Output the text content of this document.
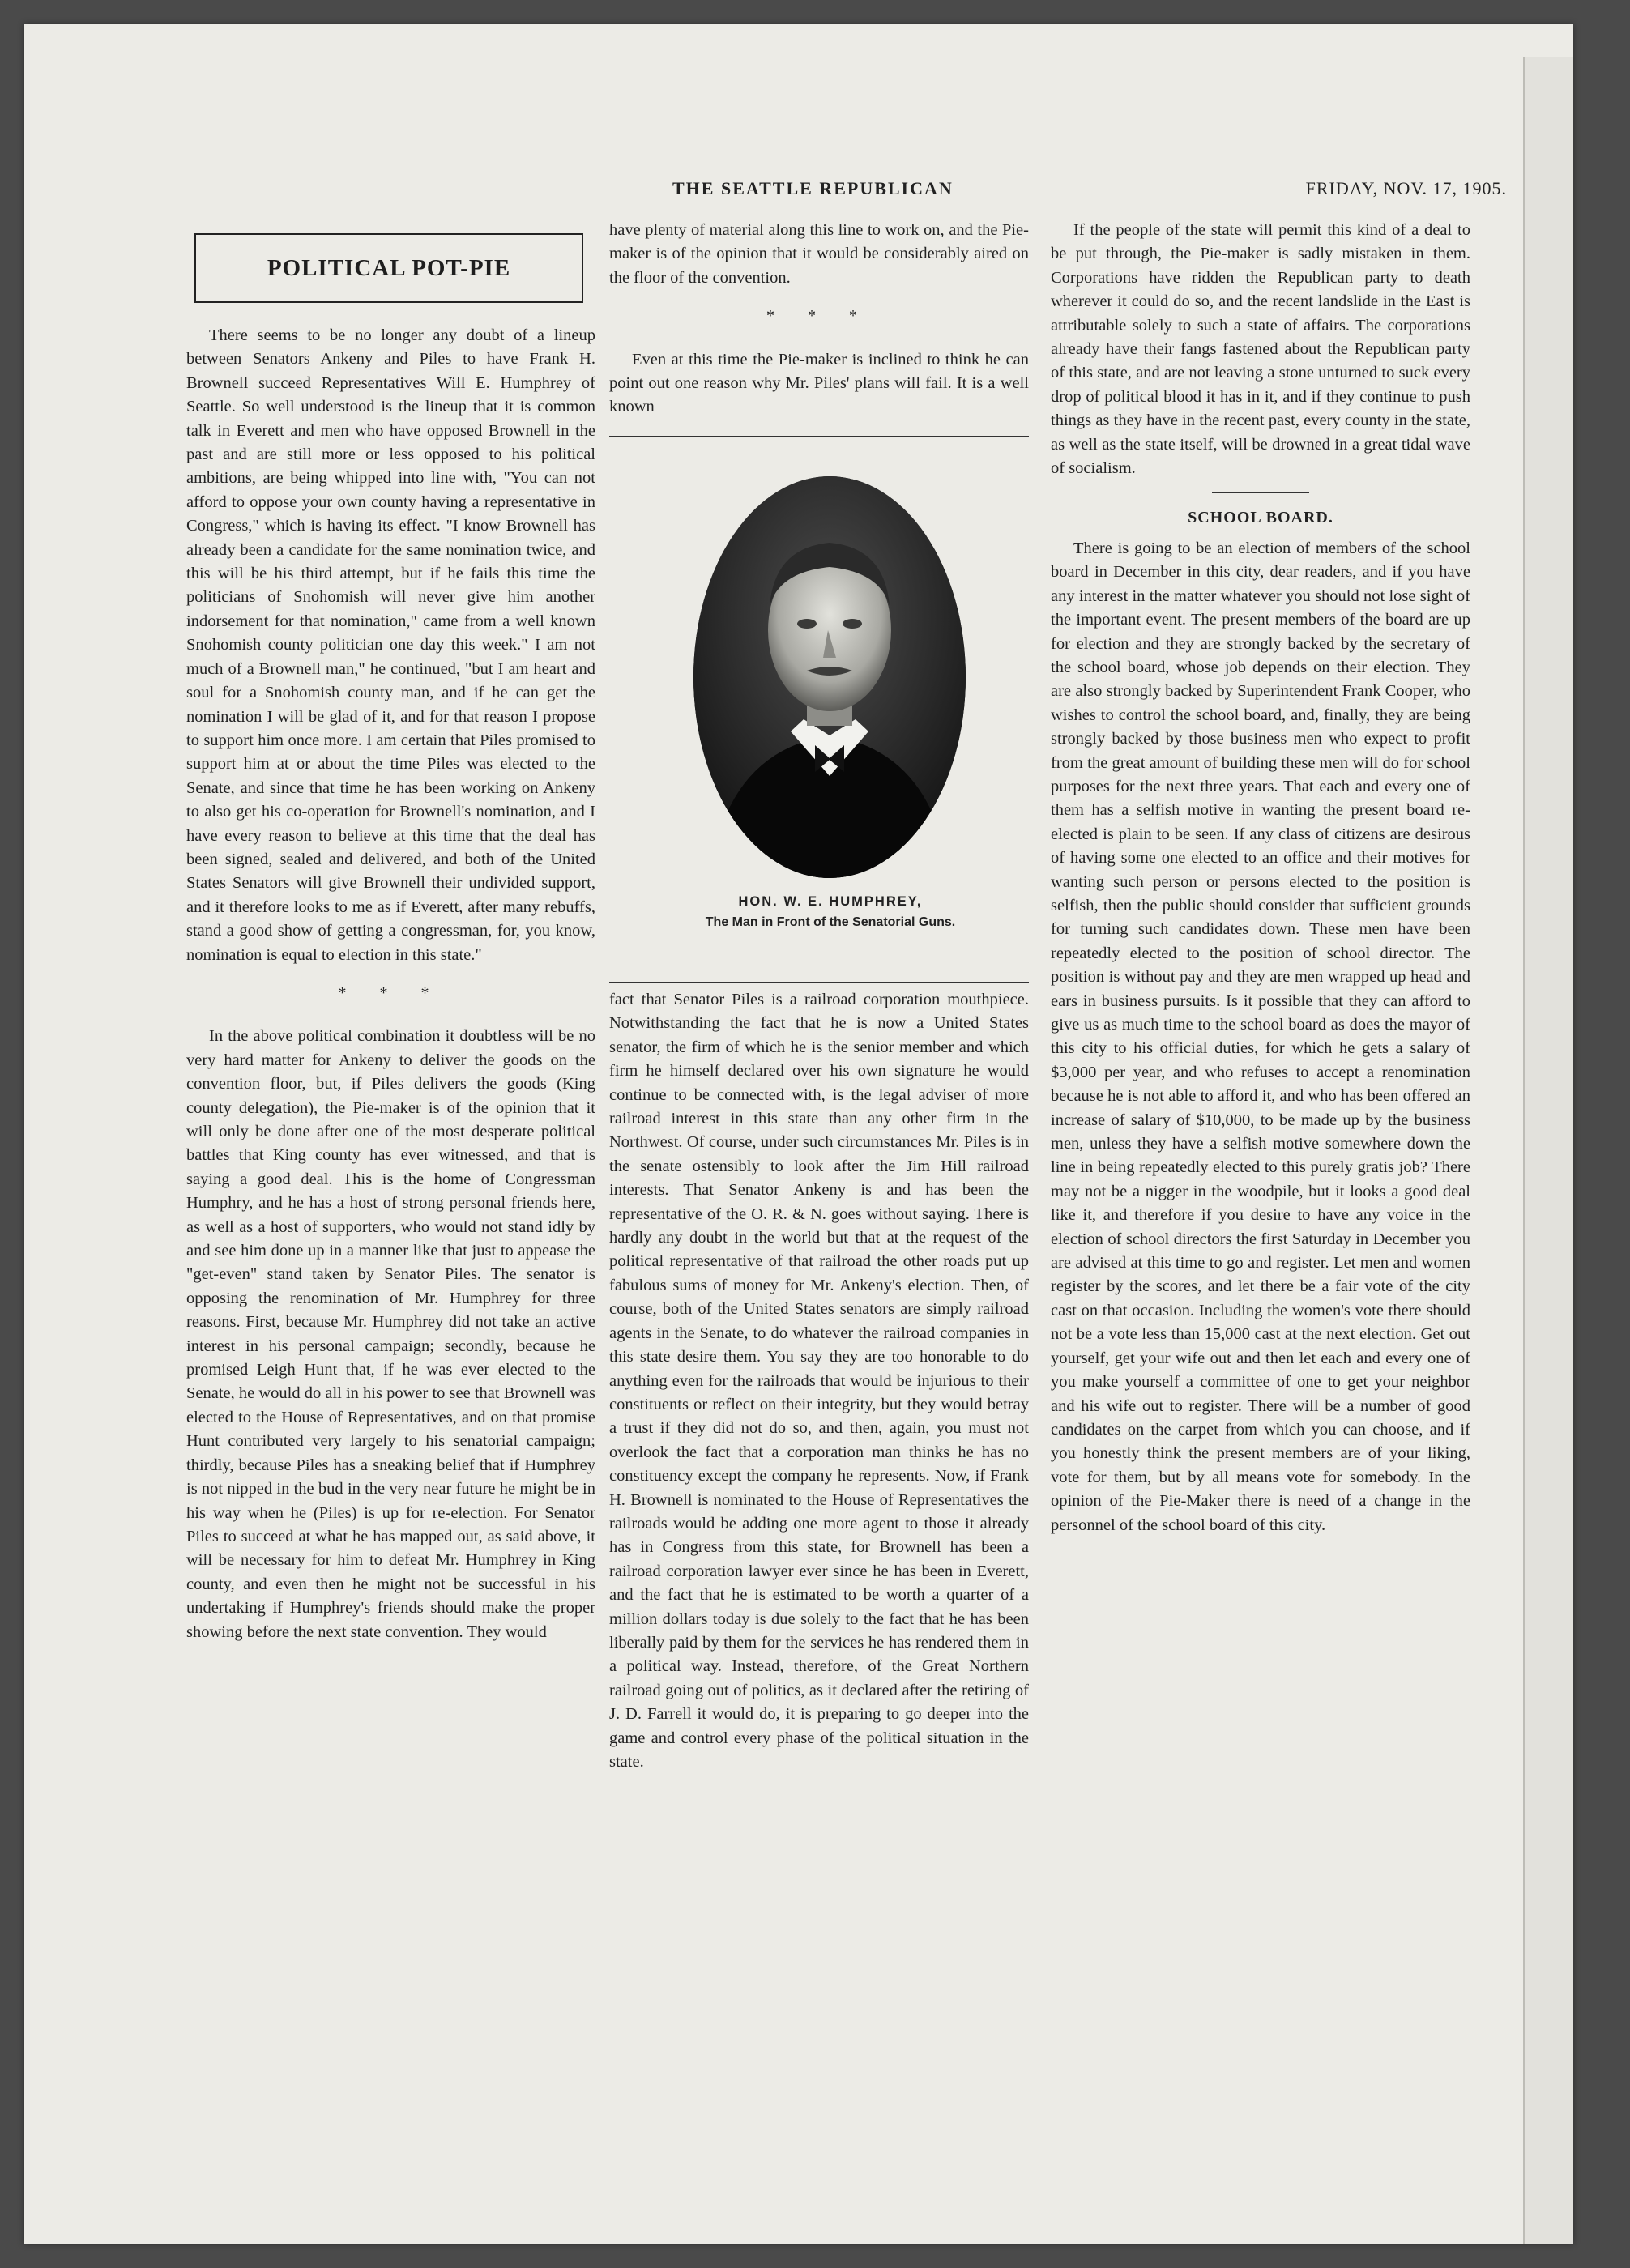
THE SEATTLE REPUBLICAN	FRIDAY, NOV. 17, 1905.
POLITICAL POT-PIE

There seems to be no longer any doubt of a lineup between Senators Ankeny and Piles to have Frank H. Brownell succeed Representatives Will E. Humphrey of Seattle. So well understood is the lineup that it is common talk in Everett and men who have opposed Brownell in the past and are still more or less opposed to his political ambitions, are being whipped into line with, "You can not afford to oppose your own county having a representative in Congress," which is having its effect. "I know Brownell has already been a candidate for the same nomination twice, and this will be his third attempt, but if he fails this time the politicians of Snohomish will never give him another indorsement for that nomination," came from a well known Snohomish county politician one day this week." I am not much of a Brownell man," he continued, "but I am heart and soul for a Snohomish county man, and if he can get the nomination I will be glad of it, and for that reason I propose to support him once more. I am certain that Piles promised to support him at or about the time Piles was elected to the Senate, and since that time he has been working on Ankeny to also get his co-operation for Brownell's nomination, and I have every reason to believe at this time that the deal has been signed, sealed and delivered, and both of the United States Senators will give Brownell their undivided support, and it therefore looks to me as if Everett, after many rebuffs, stand a good show of getting a congressman, for, you know, nomination is equal to election in this state."

* * *

In the above political combination it doubtless will be no very hard matter for Ankeny to deliver the goods on the convention floor, but, if Piles delivers the goods (King county delegation), the Pie-maker is of the opinion that it will only be done after one of the most desperate political battles that King county has ever witnessed, and that is saying a good deal. This is the home of Congressman Humphry, and he has a host of strong personal friends here, as well as a host of supporters, who would not stand idly by and see him done up in a manner like that just to appease the "get-even" stand taken by Senator Piles. The senator is opposing the renomination of Mr. Humphrey for three reasons. First, because Mr. Humphrey did not take an active interest in his personal campaign; secondly, because he promised Leigh Hunt that, if he was ever elected to the Senate, he would do all in his power to see that Brownell was elected to the House of Representatives, and on that promise Hunt contributed very largely to his senatorial campaign; thirdly, because Piles has a sneaking belief that if Humphrey is not nipped in the bud in the very near future he might be in his way when he (Piles) is up for re-election. For Senator Piles to succeed at what he has mapped out, as said above, it will be necessary for him to defeat Mr. Humphrey in King county, and even then he might not be successful in his undertaking if Humphrey's friends should make the proper showing before the next state convention. They would

have plenty of material along this line to work on, and the Pie-maker is of the opinion that it would be considerably aired on the floor of the convention.

* * *

Even at this time the Pie-maker is inclined to think he can point out one reason why Mr. Piles' plans will fail. It is a well known

HON. W. E. HUMPHREY,
The Man in Front of the Senatorial Guns.

fact that Senator Piles is a railroad corporation mouthpiece. Notwithstanding the fact that he is now a United States senator, the firm of which he is the senior member and which firm he himself declared over his own signature he would continue to be connected with, is the legal adviser of more railroad interest in this state than any other firm in the Northwest. Of course, under such circumstances Mr. Piles is in the senate ostensibly to look after the Jim Hill railroad interests. That Senator Ankeny is and has been the representative of the O. R. & N. goes without saying. There is hardly any doubt in the world but that at the request of the political representative of that railroad the other roads put up fabulous sums of money for Mr. Ankeny's election. Then, of course, both of the United States senators are simply railroad agents in the Senate, to do whatever the railroad companies in this state desire them. You say they are too honorable to do anything even for the railroads that would be injurious to their constituents or reflect on their integrity, but they would betray a trust if they did not do so, and then, again, you must not overlook the fact that a corporation man thinks he has no constituency except the company he represents. Now, if Frank H. Brownell is nominated to the House of Representatives the railroads would be adding one more agent to those it already has in Congress from this state, for Brownell has been a railroad corporation lawyer ever since he has been in Everett, and the fact that he is estimated to be worth a quarter of a million dollars today is due solely to the fact that he has been liberally paid by them for the services he has rendered them in a political way. Instead, therefore, of the Great Northern railroad going out of politics, as it declared after the retiring of J. D. Farrell it would do, it is preparing to go deeper into the game and control every phase of the political situation in the state.

If the people of the state will permit this kind of a deal to be put through, the Pie-maker is sadly mistaken in them. Corporations have ridden the Republican party to death wherever it could do so, and the recent landslide in the East is attributable solely to such a state of affairs. The corporations already have their fangs fastened about the Republican party of this state, and are not leaving a stone unturned to suck every drop of political blood it has in it, and if they continue to push things as they have in the recent past, every county in the state, as well as the state itself, will be drowned in a great tidal wave of socialism.

SCHOOL BOARD.

There is going to be an election of members of the school board in December in this city, dear readers, and if you have any interest in the matter whatever you should not lose sight of the important event. The present members of the board are up for election and they are strongly backed by the secretary of the school board, whose job depends on their election. They are also strongly backed by Superintendent Frank Cooper, who wishes to control the school board, and, finally, they are being strongly backed by those business men who expect to profit from the great amount of building these men will do for school purposes for the next three years. That each and every one of them has a selfish motive in wanting the present board re-elected is plain to be seen. If any class of citizens are desirous of having some one elected to an office and their motives for wanting such person or persons elected to the position is selfish, then the public should consider that sufficient grounds for turning such candidates down. These men have been repeatedly elected to the position of school director. The position is without pay and they are men wrapped up head and ears in business pursuits. Is it possible that they can afford to give us as much time to the school board as does the mayor of this city to his official duties, for which he gets a salary of $3,000 per year, and who refuses to accept a renomination because he is not able to afford it, and who has been offered an increase of salary of $10,000, to be made up by the business men, unless they have a selfish motive somewhere down the line in being repeatedly elected to this purely gratis job? There may not be a nigger in the woodpile, but it looks a good deal like it, and therefore if you desire to have any voice in the election of school directors the first Saturday in December you are advised at this time to go and register. Let men and women register by the scores, and let there be a fair vote of the city cast on that occasion. Including the women's vote there should not be a vote less than 15,000 cast at the next election. Get out yourself, get your wife out and then let each and every one of you make yourself a committee of one to get your neighbor and his wife out to register. There will be a number of good candidates on the carpet from which you can choose, and if you honestly think the present members are of your liking, vote for them, but by all means vote for somebody. In the opinion of the Pie-Maker there is need of a change in the personnel of the school board of this city.
